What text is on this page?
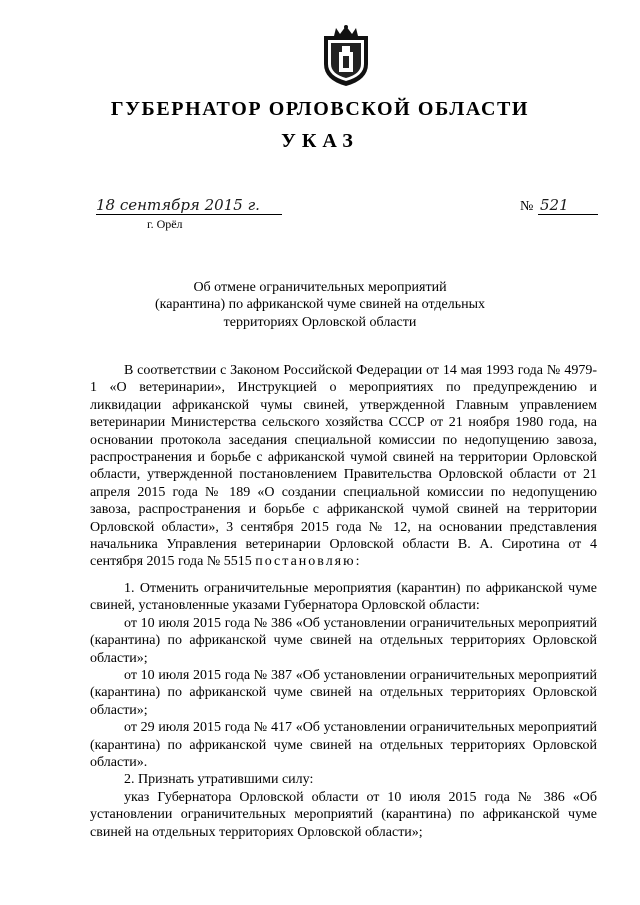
ГУБЕРНАТОР ОРЛОВСКОЙ ОБЛАСТИ
УКАЗ
18 сентября 2015 г.
г. Орёл
№ 521
Об отмене ограничительных мероприятий
(карантина) по африканской чуме свиней на отдельных
территориях Орловской области

В соответствии с Законом Российской Федерации от 14 мая 1993 года № 4979-1 «О ветеринарии», Инструкцией о мероприятиях по предупреждению и ликвидации африканской чумы свиней, утвержденной Главным управлением ветеринарии Министерства сельского хозяйства СССР от 21 ноября 1980 года, на основании протокола заседания специальной комиссии по недопущению завоза, распространения и борьбе с африканской чумой свиней на территории Орловской области, утвержденной постановлением Правительства Орловской области от 21 апреля 2015 года № 189 «О создании специальной комиссии по недопущению завоза, распространения и борьбе с африканской чумой свиней на территории Орловской области», 3 сентября 2015 года № 12, на основании представления начальника Управления ветеринарии Орловской области В. А. Сиротина от 4 сентября 2015 года № 5515 постановляю:

1. Отменить ограничительные мероприятия (карантин) по африканской чуме свиней, установленные указами Губернатора Орловской области:

от 10 июля 2015 года № 386 «Об установлении ограничительных мероприятий (карантина) по африканской чуме свиней на отдельных территориях Орловской области»;

от 10 июля 2015 года № 387 «Об установлении ограничительных мероприятий (карантина) по африканской чуме свиней на отдельных территориях Орловской области»;

от 29 июля 2015 года № 417 «Об установлении ограничительных мероприятий (карантина) по африканской чуме свиней на отдельных территориях Орловской области».

2. Признать утратившими силу:

указ Губернатора Орловской области от 10 июля 2015 года № 386 «Об установлении ограничительных мероприятий (карантина) по африканской чуме свиней на отдельных территориях Орловской области»;
